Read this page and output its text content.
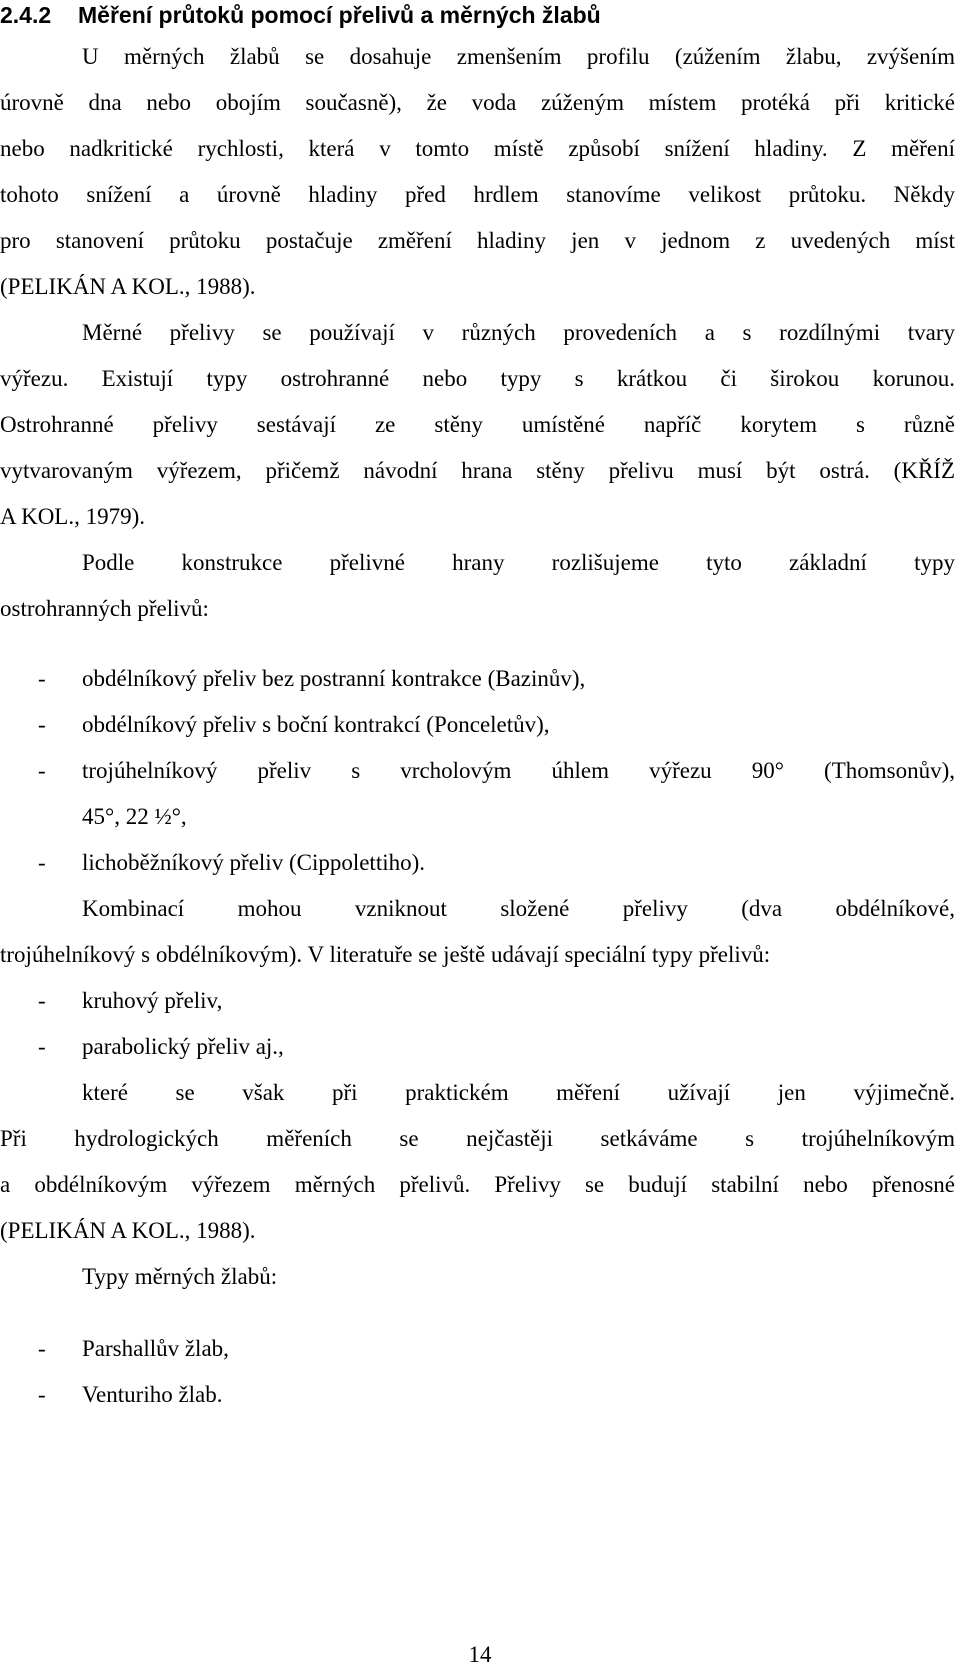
2.4.2 Měření průtoků pomocí přelivů a měrných žlabů
U měrných žlabů se dosahuje zmenšením profilu (zúžením žlabu, zvýšením
úrovně dna nebo obojím současně), že voda zúženým místem protéká při kritické
nebo nadkritické rychlosti, která v tomto místě způsobí snížení hladiny. Z měření
tohoto snížení a úrovně hladiny před hrdlem stanovíme velikost průtoku. Někdy
pro stanovení průtoku postačuje změření hladiny jen v jednom z uvedených míst
(PELIKÁN A KOL., 1988).
Měrné přelivy se používají v různých provedeních a s rozdílnými tvary
výřezu. Existují typy ostrohranné nebo typy s krátkou či širokou korunou.
Ostrohranné přelivy sestávají ze stěny umístěné napříč korytem s různě
vytvarovaným výřezem, přičemž návodní hrana stěny přelivu musí být ostrá. (KŘÍŽ
A KOL., 1979).
Podle konstrukce přelivné hrany rozlišujeme tyto základní typy
ostrohranných přelivů:
- obdélníkový přeliv bez postranní kontrakce (Bazinův),
- obdélníkový přeliv s boční kontrakcí (Ponceletův),
- trojúhelníkový přeliv s vrcholovým úhlem výřezu 90° (Thomsonův),
45°, 22 ½°,
- lichoběžníkový přeliv (Cippolettiho).
Kombinací mohou vzniknout složené přelivy (dva obdélníkové,
trojúhelníkový s obdélníkovým). V literatuře se ještě udávají speciální typy přelivů:
- kruhový přeliv,
- parabolický přeliv aj.,
které se však při praktickém měření užívají jen výjimečně.
Při hydrologických měřeních se nejčastěji setkáváme s trojúhelníkovým
a obdélníkovým výřezem měrných přelivů. Přelivy se budují stabilní nebo přenosné
(PELIKÁN A KOL., 1988).
Typy měrných žlabů:
- Parshallův žlab,
- Venturiho žlab.
14
